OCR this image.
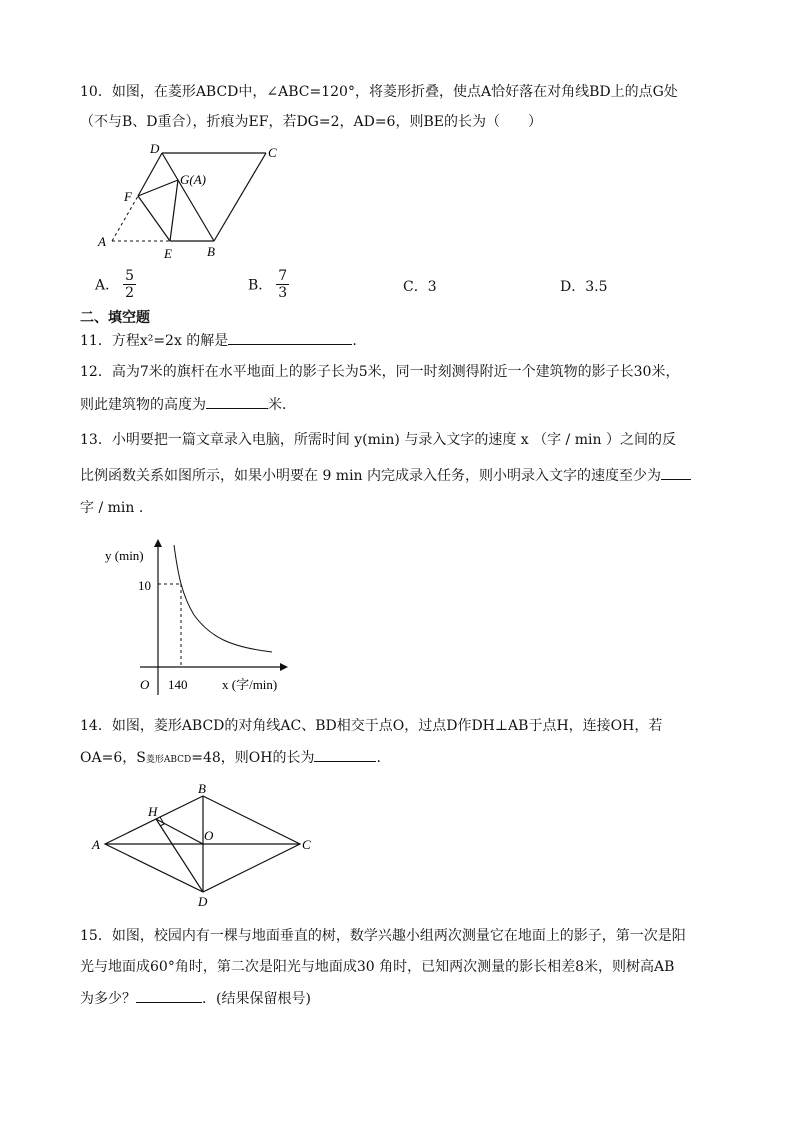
10．如图，在菱形ABCD中，∠ABC=120°，将菱形折叠，使点A恰好落在对角线BD上的点G处
（不与B、D重合），折痕为EF，若DG=2，AD=6，则BE的长为（　　）
D	C
G(A)
F
A
E	B
A． $\frac{5}{2}$	B． $\frac{7}{3}$	C．3	D．3.5
二、填空题
11．方程x²=2x 的解是	.
12．高为7米的旗杆在水平地面上的影子长为5米，同一时刻测得附近一个建筑物的影子长30米，
则此建筑物的高度为	米．
13．小明要把一篇文章录入电脑，所需时间 y(min) 与录入文字的速度 x （字 / min ）之间的反
比例函数关系如图所示，如果小明要在 9 min 内完成录入任务，则小明录入文字的速度至少为
字 / min .
y (min)
10
O 140	x (字/min)
14．如图，菱形ABCD的对角线AC、BD相交于点O，过点D作DH⊥AB于点H，连接OH，若
OA=6，S菱形ABCD=48，则OH的长为	.
A
B
C
D
H
O
15．如图，校园内有一棵与地面垂直的树，数学兴趣小组两次测量它在地面上的影子，第一次是阳
光与地面成60°角时，第二次是阳光与地面成30 角时，已知两次测量的影长相差8米，则树高AB
为多少？	．(结果保留根号)
